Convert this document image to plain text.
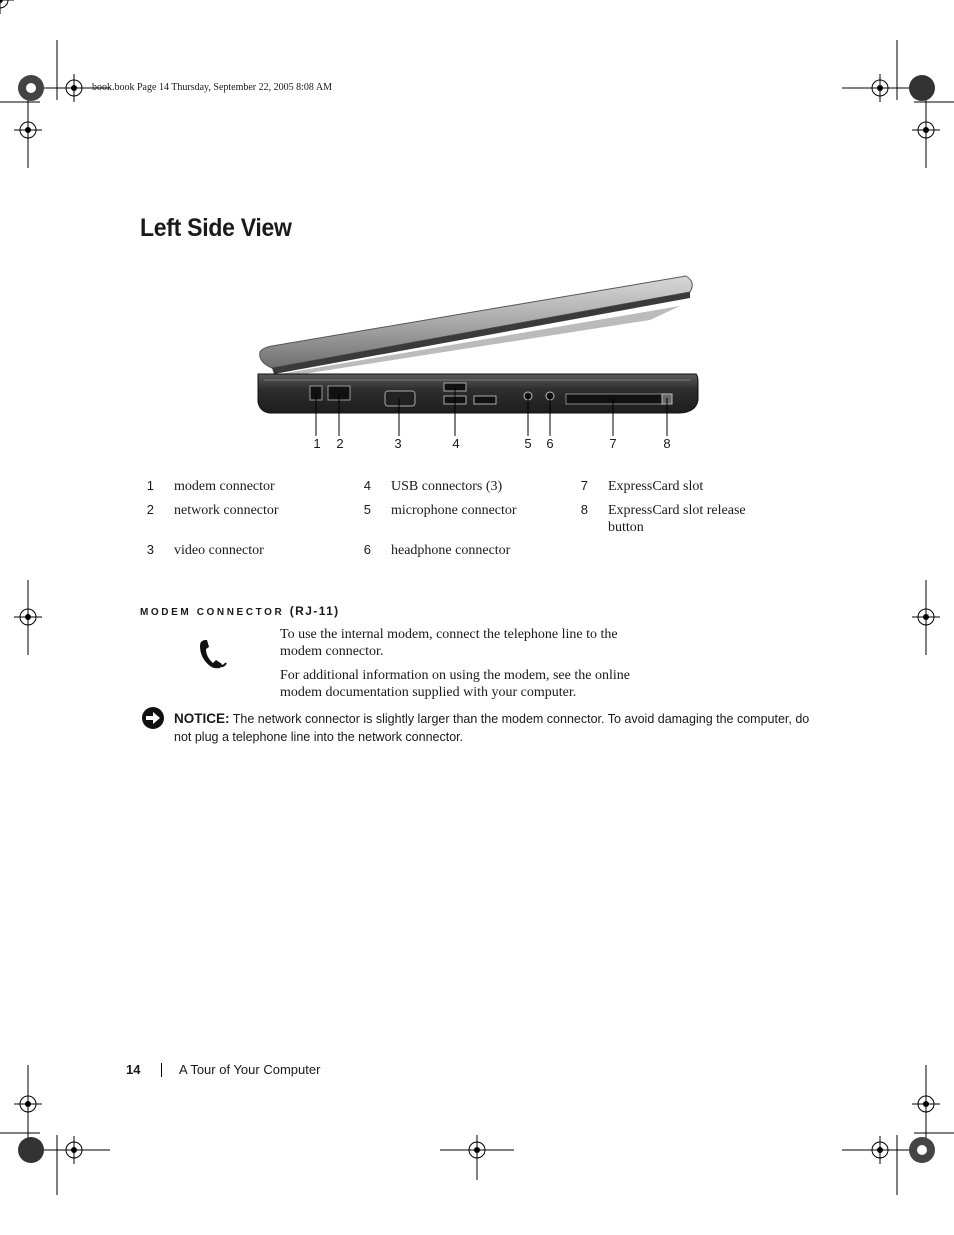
book.book Page 14 Thursday, September 22, 2005 8:08 AM
Left Side View
1	2	3	4	5	6	7	8
1 modem connector
2 network connector
3 video connector
4 USB connectors (3)
5 microphone connector
6 headphone connector
7 ExpressCard slot
8 ExpressCard slot release button
MODEM CONNECTOR (RJ-11)
To use the internal modem, connect the telephone line to the modem connector.
For additional information on using the modem, see the online modem documentation supplied with your computer.
NOTICE: The network connector is slightly larger than the modem connector. To avoid damaging the computer, do not plug a telephone line into the network connector.
14	A Tour of Your Computer
